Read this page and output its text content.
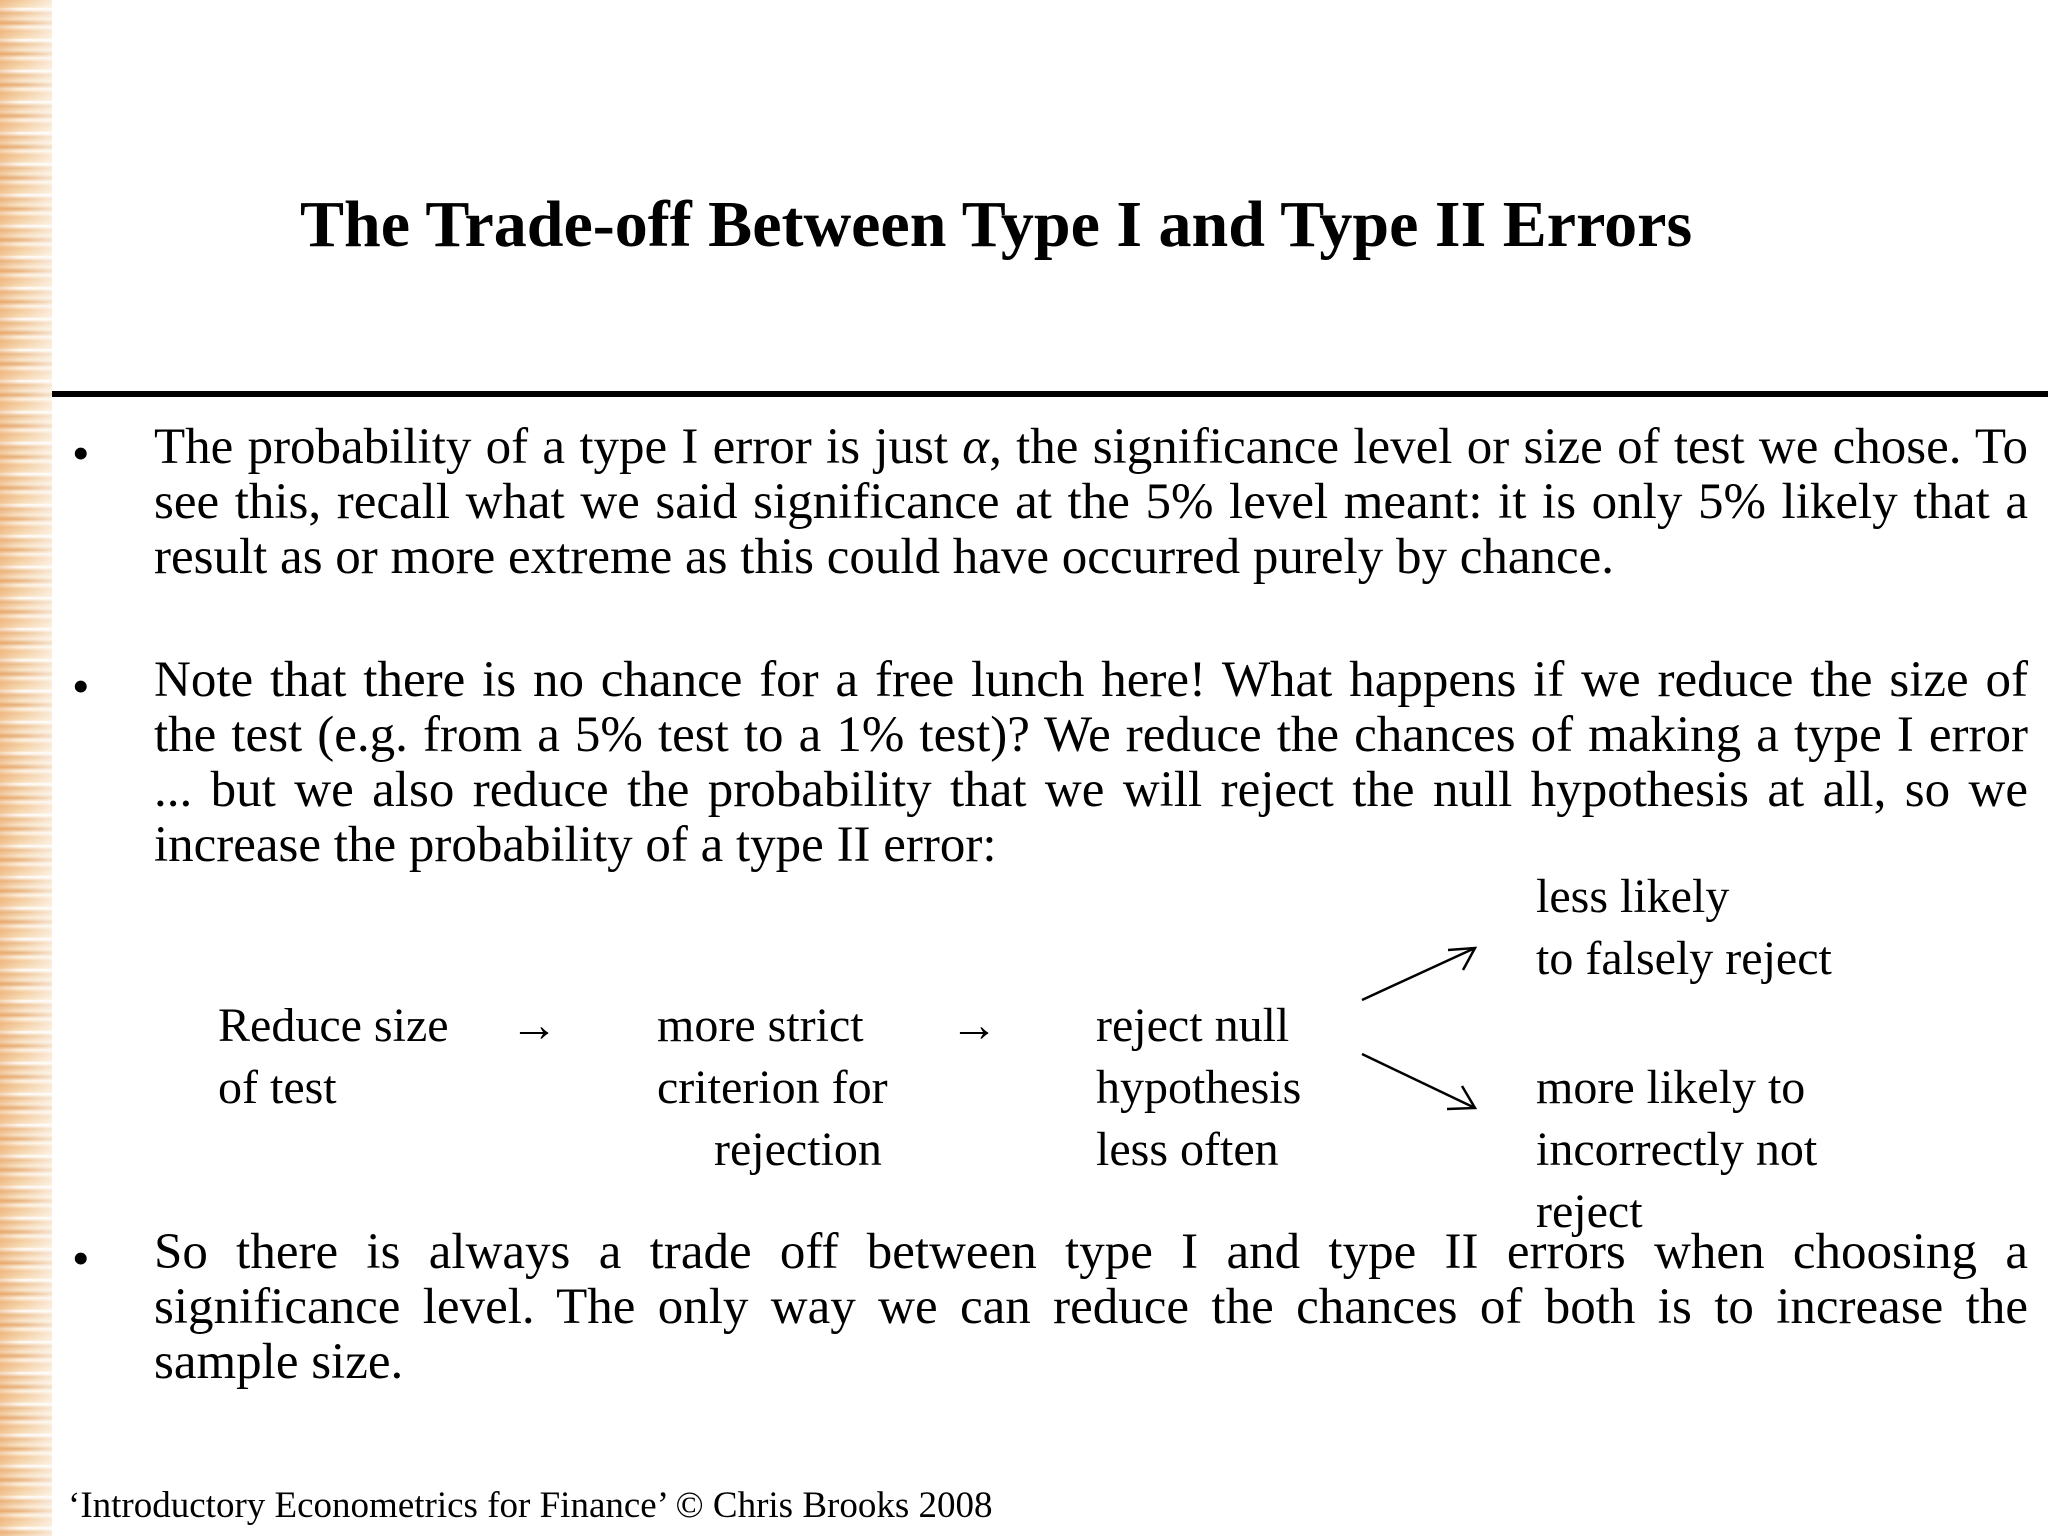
The Trade-off Between Type I and Type II Errors
• The probability of a type I error is just α, the significance level or size of test we chose. To see this, recall what we said significance at the 5% level meant: it is only 5% likely that a result as or more extreme as this could have occurred purely by chance.

• Note that there is no chance for a free lunch here! What happens if we reduce the size of the test (e.g. from a 5% test to a 1% test)? We reduce the chances of making a type I error ... but we also reduce the probability that we will reject the null hypothesis at all, so we increase the probability of a type II error:

Reduce size
of test
→ more strict
criterion for
rejection
→ reject null
hypothesis
less often
less likely
to falsely reject
more likely to
incorrectly not
reject
• So there is always a trade off between type I and type II errors when choosing a significance level. The only way we can reduce the chances of both is to increase the sample size.

‘Introductory Econometrics for Finance’ © Chris Brooks 2008
